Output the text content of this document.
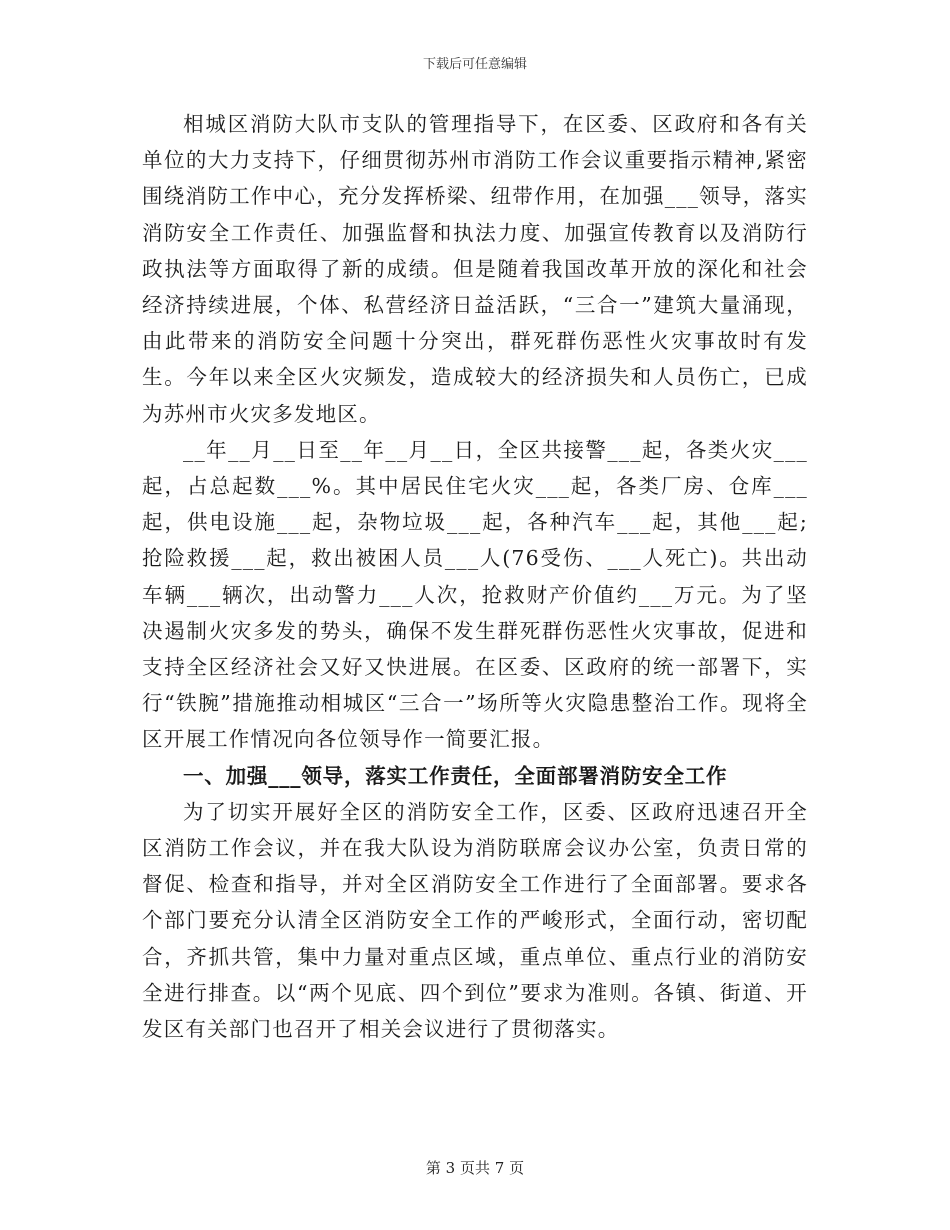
下载后可任意编辑

相城区消防大队市支队的管理指导下，在区委、区政府和各有关单位的大力支持下，仔细贯彻苏州市消防工作会议重要指示精神,紧密围绕消防工作中心，充分发挥桥梁、纽带作用，在加强___领导，落实消防安全工作责任、加强监督和执法力度、加强宣传教育以及消防行政执法等方面取得了新的成绩。但是随着我国改革开放的深化和社会经济持续进展，个体、私营经济日益活跃，“三合一”建筑大量涌现，由此带来的消防安全问题十分突出，群死群伤恶性火灾事故时有发生。今年以来全区火灾频发，造成较大的经济损失和人员伤亡，已成为苏州市火灾多发地区。

__年__月__日至__年__月__日，全区共接警___起，各类火灾___起，占总起数___%。其中居民住宅火灾___起，各类厂房、仓库___起，供电设施___起，杂物垃圾___起，各种汽车___起，其他___起;抢险救援___起，救出被困人员___人(76受伤、___人死亡)。共出动车辆___辆次，出动警力___人次，抢救财产价值约___万元。为了坚决遏制火灾多发的势头，确保不发生群死群伤恶性火灾事故，促进和支持全区经济社会又好又快进展。在区委、区政府的统一部署下，实行“铁腕”措施推动相城区“三合一”场所等火灾隐患整治工作。现将全区开展工作情况向各位领导作一简要汇报。

一、加强___领导，落实工作责任，全面部署消防安全工作

为了切实开展好全区的消防安全工作，区委、区政府迅速召开全区消防工作会议，并在我大队设为消防联席会议办公室，负责日常的督促、检查和指导，并对全区消防安全工作进行了全面部署。要求各个部门要充分认清全区消防安全工作的严峻形式，全面行动，密切配合，齐抓共管，集中力量对重点区域，重点单位、重点行业的消防安全进行排查。以“两个见底、四个到位”要求为准则。各镇、街道、开发区有关部门也召开了相关会议进行了贯彻落实。

第 3 页共 7 页
